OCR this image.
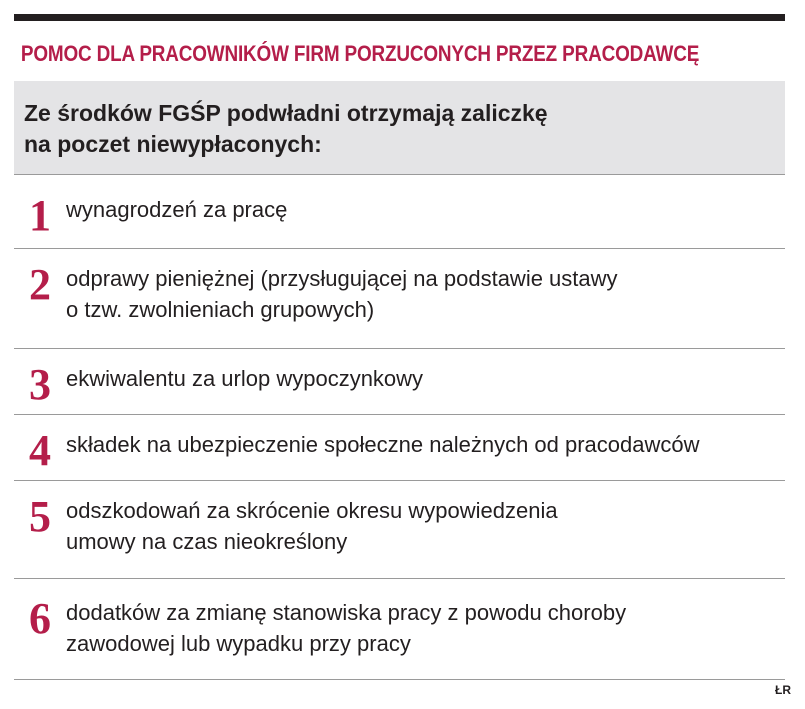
POMOC DLA PRACOWNIKÓW FIRM PORZUCONYCH PRZEZ PRACODAWCĘ
Ze środków FGŚP podwładni otrzymają zaliczkę
na poczet niewypłaconych:
1 wynagrodzeń za pracę
2 odprawy pieniężnej (przysługującej na podstawie ustawy
o tzw. zwolnieniach grupowych)
3 ekwiwalentu za urlop wypoczynkowy
4 składek na ubezpieczenie społeczne należnych od pracodawców
5 odszkodowań za skrócenie okresu wypowiedzenia
umowy na czas nieokreślony
6 dodatków za zmianę stanowiska pracy z powodu choroby
zawodowej lub wypadku przy pracy
ŁR
